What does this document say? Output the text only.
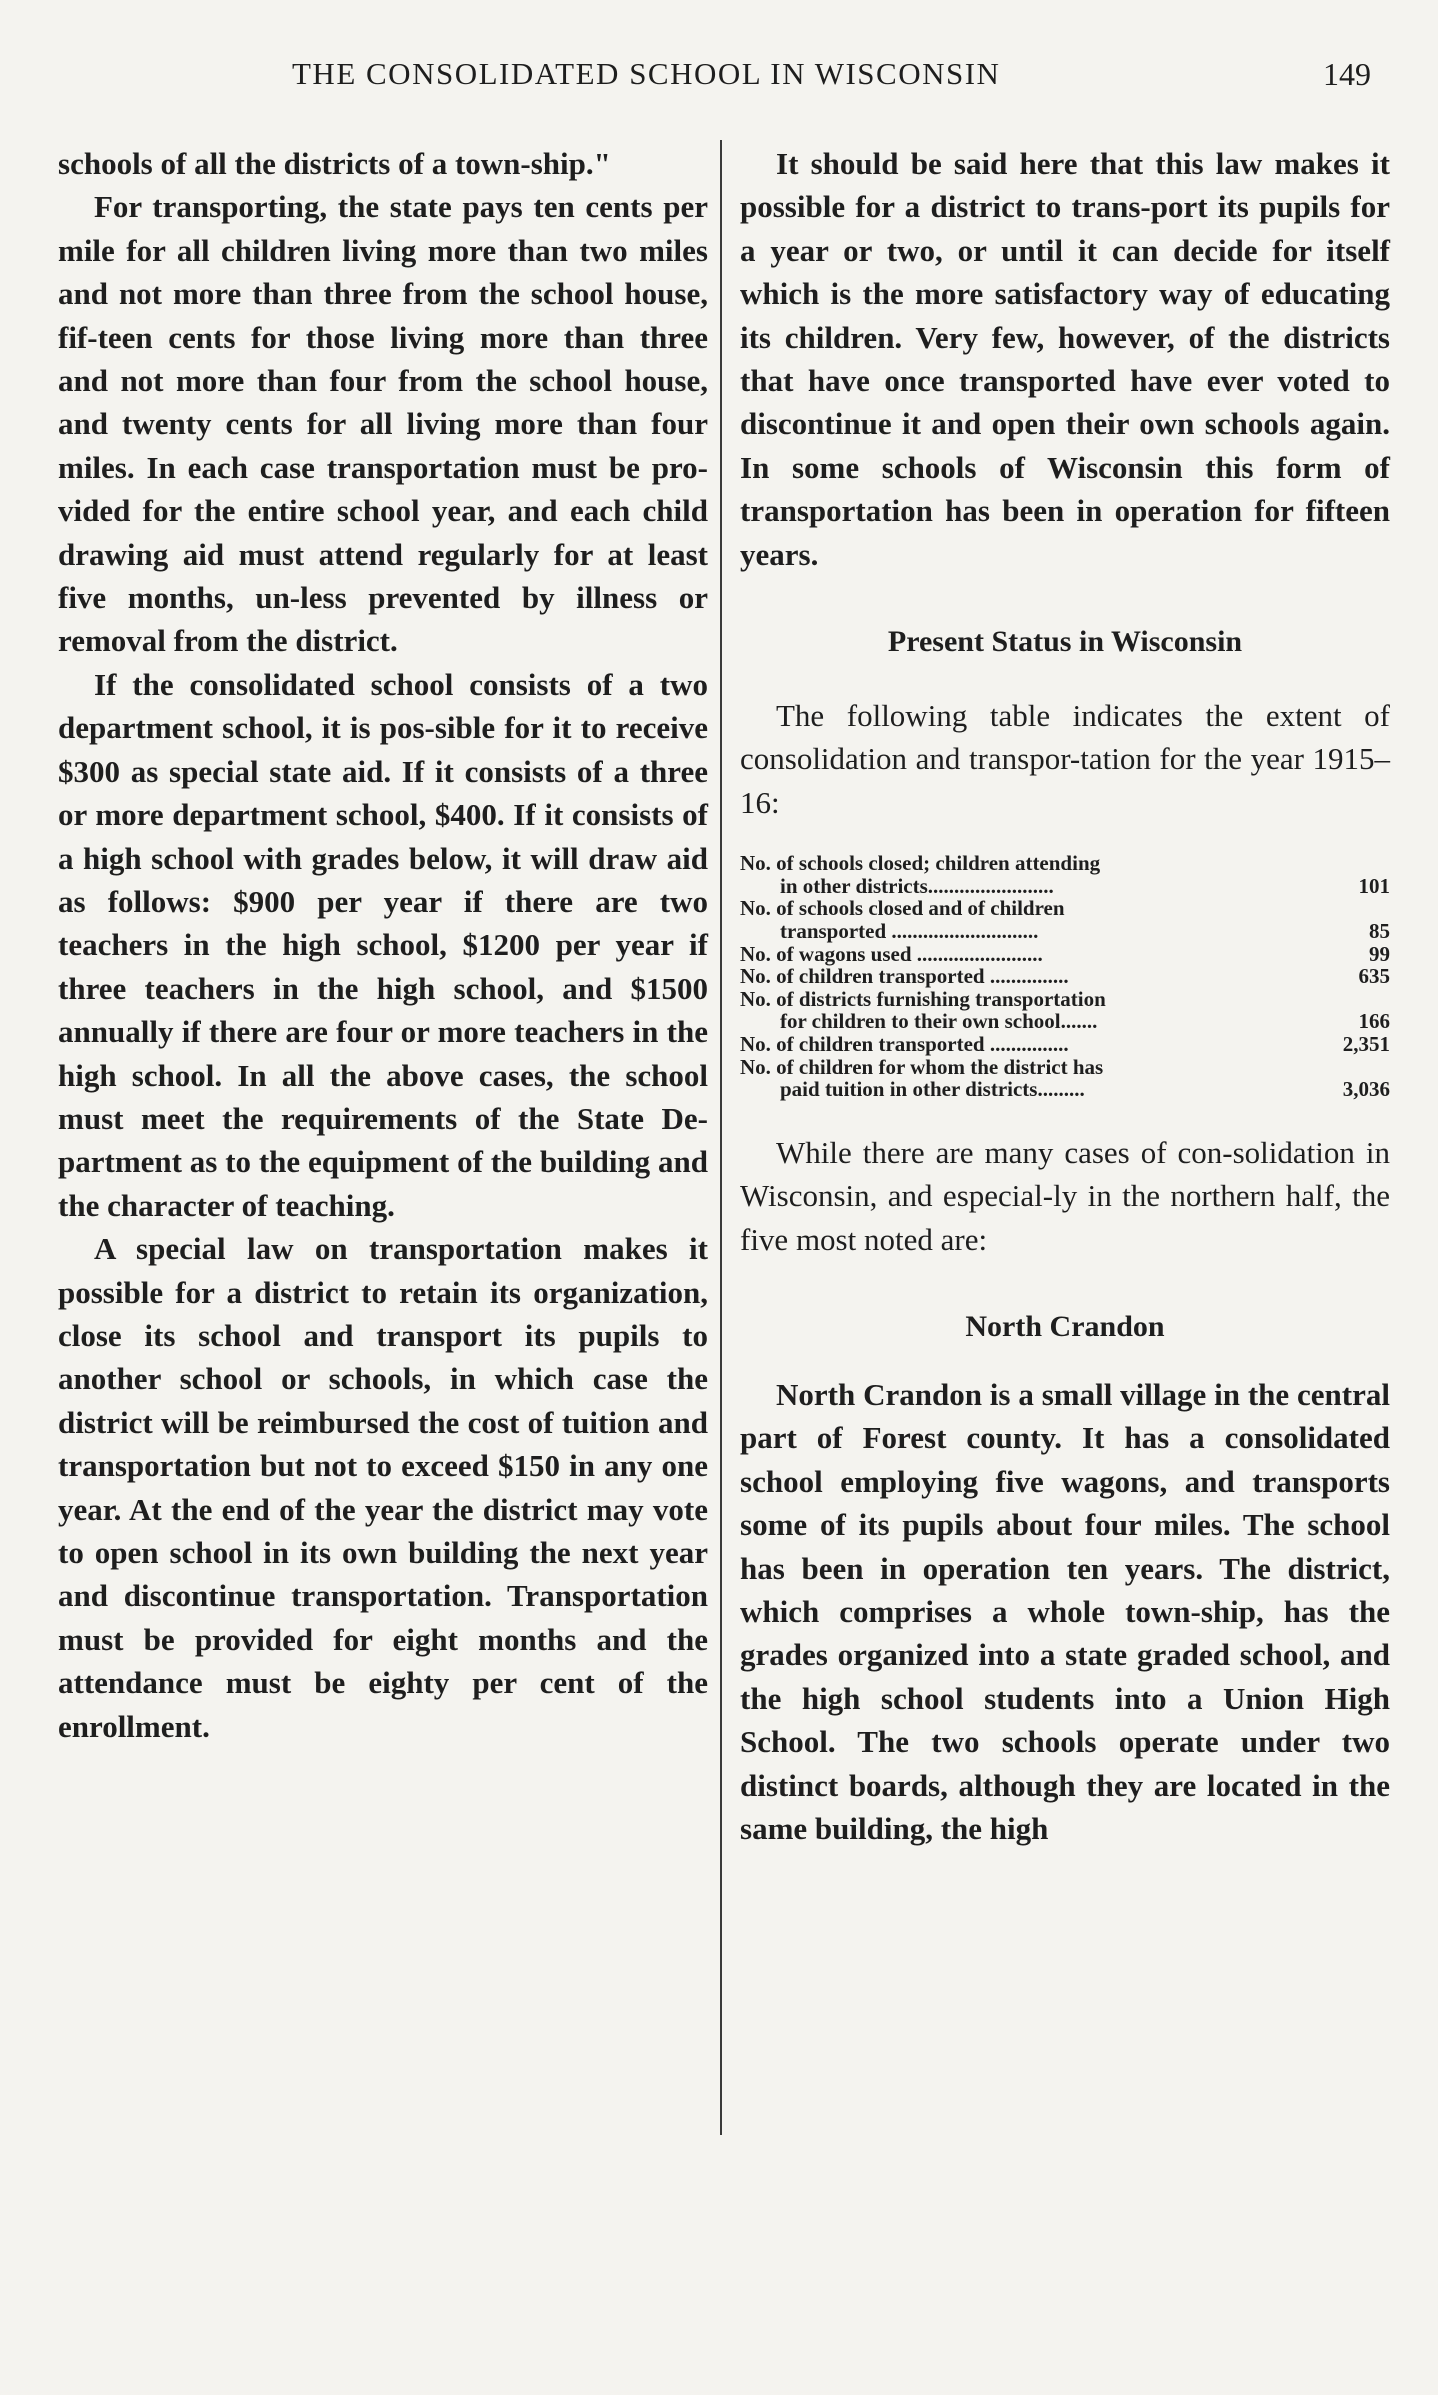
THE CONSOLIDATED SCHOOL IN WISCONSIN	149

schools of all the districts of a town-ship."

For transporting, the state pays ten cents per mile for all children living more than two miles and not more than three from the school house, fif-teen cents for those living more than three and not more than four from the school house, and twenty cents for all living more than four miles. In each case transportation must be pro-vided for the entire school year, and each child drawing aid must attend regularly for at least five months, un-less prevented by illness or removal from the district.

If the consolidated school consists of a two department school, it is pos-sible for it to receive $300 as special state aid. If it consists of a three or more department school, $400. If it consists of a high school with grades below, it will draw aid as follows: $900 per year if there are two teachers in the high school, $1200 per year if three teachers in the high school, and $1500 annually if there are four or more teachers in the high school. In all the above cases, the school must meet the requirements of the State De-partment as to the equipment of the building and the character of teaching.

A special law on transportation makes it possible for a district to retain its organization, close its school and transport its pupils to another school or schools, in which case the district will be reimbursed the cost of tuition and transportation but not to exceed $150 in any one year. At the end of the year the district may vote to open school in its own building the next year and discontinue transportation. Transportation must be provided for eight months and the attendance must be eighty per cent of the enrollment.

It should be said here that this law makes it possible for a district to trans-port its pupils for a year or two, or until it can decide for itself which is the more satisfactory way of educating its children. Very few, however, of the districts that have once transported have ever voted to discontinue it and open their own schools again. In some schools of Wisconsin this form of transportation has been in operation for fifteen years.

Present Status in Wisconsin

The following table indicates the extent of consolidation and transpor-tation for the year 1915–16:

No. of schools closed; children attending
in other districts........................	101
No. of schools closed and of children
transported ............................	85
No. of wagons used ........................	99
No. of children transported ...............	635
No. of districts furnishing transportation
for children to their own school.......	166
No. of children transported ...............	2,351
No. of children for whom the district has
paid tuition in other districts.........	3,036

While there are many cases of con-solidation in Wisconsin, and especial-ly in the northern half, the five most noted are:

North Crandon

North Crandon is a small village in the central part of Forest county. It has a consolidated school employing five wagons, and transports some of its pupils about four miles. The school has been in operation ten years. The district, which comprises a whole town-ship, has the grades organized into a state graded school, and the high school students into a Union High School. The two schools operate under two distinct boards, although they are located in the same building, the high
